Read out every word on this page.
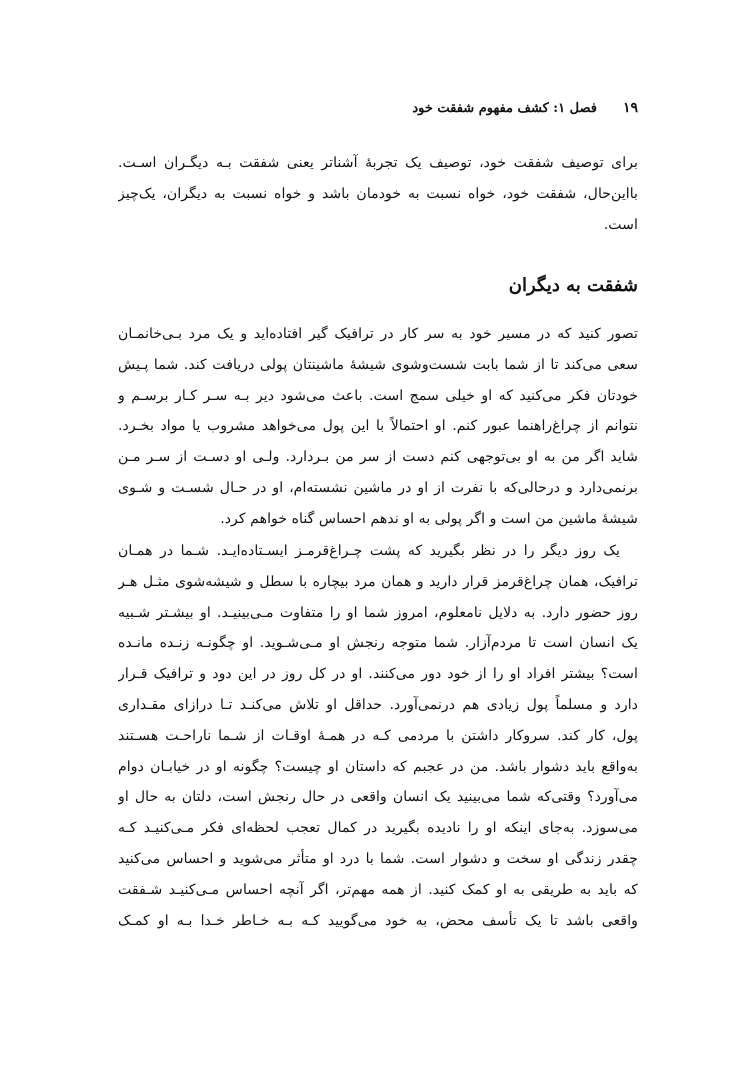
۱۹
فصل ۱: کشف مفهوم شفقت خود
برای توصیف شفقت خود، توصیف یک تجربهٔ آشناتر یعنی شفقت بـه دیگـران اسـت.
بااین‌حال، شفقت خود، خواه نسبت به خودمان باشد و خواه نسبت به دیگران، یک‌چیز
است.
شفقت به دیگران
تصور کنید که در مسیر خود به سر کار در ترافیک گیر افتاده‌اید و یک مرد بـی‌خانمـان
سعی می‌کند تا از شما بابت شست‌وشوی شیشهٔ ماشینتان پولی دریافت کند. شما پـیش
خودتان فکر می‌کنید که او خیلی سمج است. باعث می‌شود دیر بـه سـر کـار برسـم و
نتوانم از چراغ‌راهنما عبور کنم. او احتمالاً با این پول می‌خواهد مشروب یا مواد بخـرد.
شاید اگر من به او بی‌توجهی کنم دست از سر من بـردارد. ولـی او دسـت از سـر مـن
برنمی‌دارد و درحالی‌که با نفرت از او در ماشین نشسته‌ام، او در حـال شسـت و شـوی
شیشهٔ ماشین من است و اگر پولی به او ندهم احساس گناه خواهم کرد.
یک روز دیگر را در نظر بگیرید که پشت چـراغ‌قرمـز ایسـتاده‌ایـد. شـما در همـان
ترافیک، همان چراغ‌قرمز قرار دارید و همان مرد بیچاره با سطل و شیشه‌شوی مثـل هـر
روز حضور دارد. به دلایل نامعلوم، امروز شما او را متفاوت مـی‌بینیـد. او بیشـتر شـبیه
یک انسان است تا مردم‌آزار. شما متوجه رنجش او مـی‌شـوید. او چگونـه زنـده مانـده
است؟ بیشتر افراد او را از خود دور می‌کنند. او در کل روز در این دود و ترافیک قـرار
دارد و مسلماً پول زیادی هم درنمی‌آورد. حداقل او تلاش می‌کنـد تـا درازای مقـداری
پول، کار کند. سروکار داشتن با مردمی کـه در همـهٔ اوقـات از شـما ناراحـت هسـتند
به‌واقع باید دشوار باشد. من در عجبم که داستان او چیست؟ چگونه او در خیابـان دوام
می‌آورد؟ وقتی‌که شما می‌بینید یک انسان واقعی در حال رنجش است، دلتان به حال او
می‌سوزد. به‌جای اینکه او را نادیده بگیرید در کمال تعجب لحظه‌ای فکر مـی‌کنیـد کـه
چقدر زندگی او سخت و دشوار است. شما با درد او متأثر می‌شوید و احساس می‌کنید
که باید به طریقی به او کمک کنید. از همه مهم‌تر، اگر آنچه احساس مـی‌کنیـد شـفقت
واقعی باشد تا یک تأسف محض، به خود می‌گویید کـه بـه خـاطر خـدا بـه او کمـک
